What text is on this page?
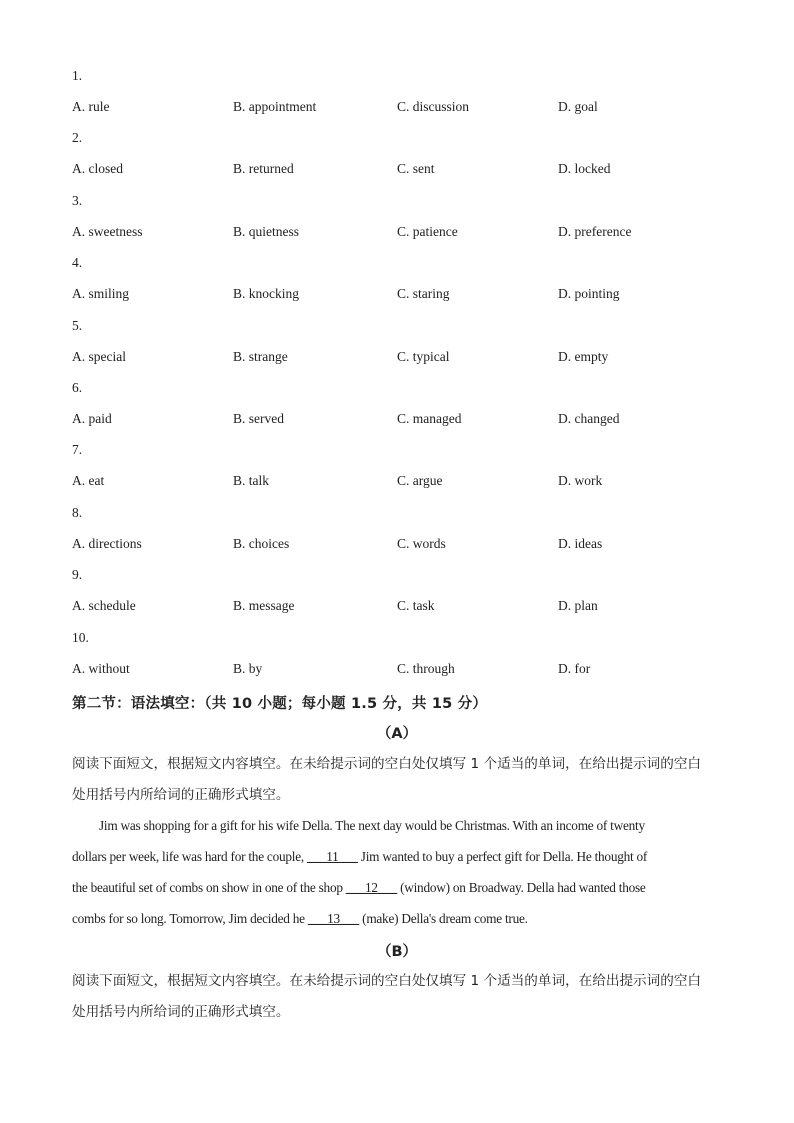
1.
A. rule	B. appointment	C. discussion	D. goal
2.
A. closed	B. returned	C. sent	D. locked
3.
A. sweetness	B. quietness	C. patience	D. preference
4.
A. smiling	B. knocking	C. staring	D. pointing
5.
A. special	B. strange	C. typical	D. empty
6.
A. paid	B. served	C. managed	D. changed
7.
A. eat	B. talk	C. argue	D. work
8.
A. directions	B. choices	C. words	D. ideas
9.
A. schedule	B. message	C. task	D. plan
10.
A. without	B. by	C. through	D. for
第二节：语法填空：（共 10 小题；每小题 1.5 分，共 15 分）
（A）
阅读下面短文，根据短文内容填空。在未给提示词的空白处仅填写 1 个适当的单词，在给出提示词的空白
处用括号内所给词的正确形式填空。
Jim was shopping for a gift for his wife Della. The next day would be Christmas. With an income of twenty
dollars per week, life was hard for the couple, ___11___ Jim wanted to buy a perfect gift for Della. He thought of
the beautiful set of combs on show in one of the shop ___12___ (window) on Broadway. Della had wanted those
combs for so long. Tomorrow, Jim decided he ___13___ (make) Della's dream come true.
（B）
阅读下面短文，根据短文内容填空。在未给提示词的空白处仅填写 1 个适当的单词，在给出提示词的空白
处用括号内所给词的正确形式填空。
